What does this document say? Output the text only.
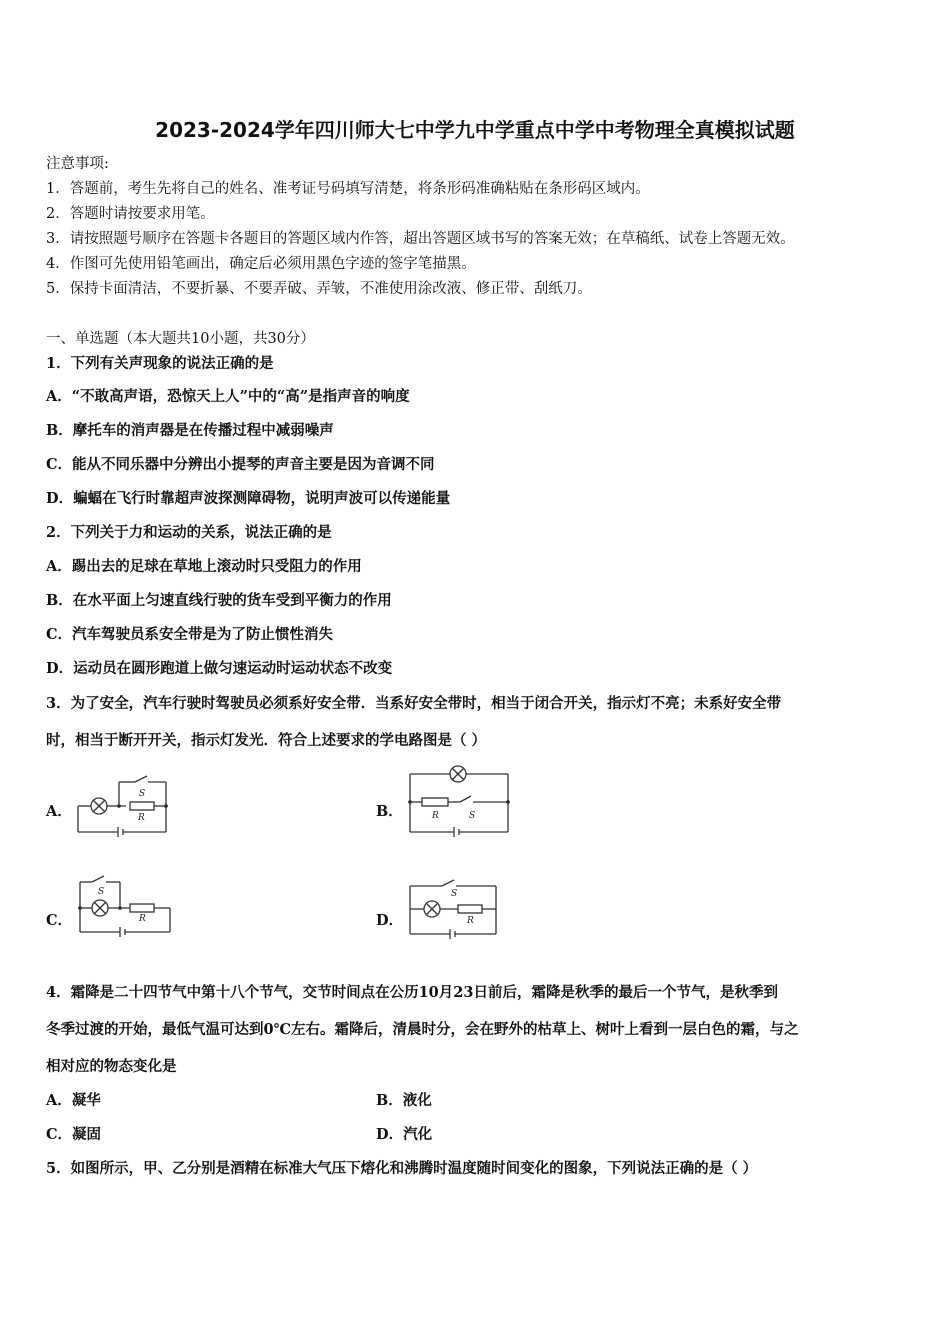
2023-2024学年四川师大七中学九中学重点中学中考物理全真模拟试题
注意事项:
1．答题前，考生先将自己的姓名、准考证号码填写清楚，将条形码准确粘贴在条形码区域内。
2．答题时请按要求用笔。
3．请按照题号顺序在答题卡各题目的答题区域内作答，超出答题区域书写的答案无效；在草稿纸、试卷上答题无效。
4．作图可先使用铅笔画出，确定后必须用黑色字迹的签字笔描黑。
5．保持卡面清洁，不要折暴、不要弄破、弄皱，不准使用涂改液、修正带、刮纸刀。
一、单选题（本大题共10小题，共30分）
1．下列有关声现象的说法正确的是
A．“不敢高声语，恐惊天上人”中的“高”是指声音的响度
B．摩托车的消声器是在传播过程中减弱噪声
C．能从不同乐器中分辨出小提琴的声音主要是因为音调不同
D．蝙蝠在飞行时靠超声波探测障碍物，说明声波可以传递能量
2．下列关于力和运动的关系，说法正确的是
A．踢出去的足球在草地上滚动时只受阻力的作用
B．在水平面上匀速直线行驶的货车受到平衡力的作用
C．汽车驾驶员系安全带是为了防止惯性消失
D．运动员在圆形跑道上做匀速运动时运动状态不改变
3．为了安全，汽车行驶时驾驶员必须系好安全带．当系好安全带时，相当于闭合开关，指示灯不亮；未系好安全带
时，相当于断开开关，指示灯发光．符合上述要求的学电路图是（ ）
A．
S
R	B．	R	S
C．
S
R	D．
S
R
4．霜降是二十四节气中第十八个节气，交节时间点在公历10月23日前后，霜降是秋季的最后一个节气，是秋季到
冬季过渡的开始，最低气温可达到0℃左右。霜降后，清晨时分，会在野外的枯草上、树叶上看到一层白色的霜，与之
相对应的物态变化是
A．凝华	B．液化
C．凝固	D．汽化
5．如图所示，甲、乙分别是酒精在标准大气压下熔化和沸腾时温度随时间变化的图象，下列说法正确的是（ ）
